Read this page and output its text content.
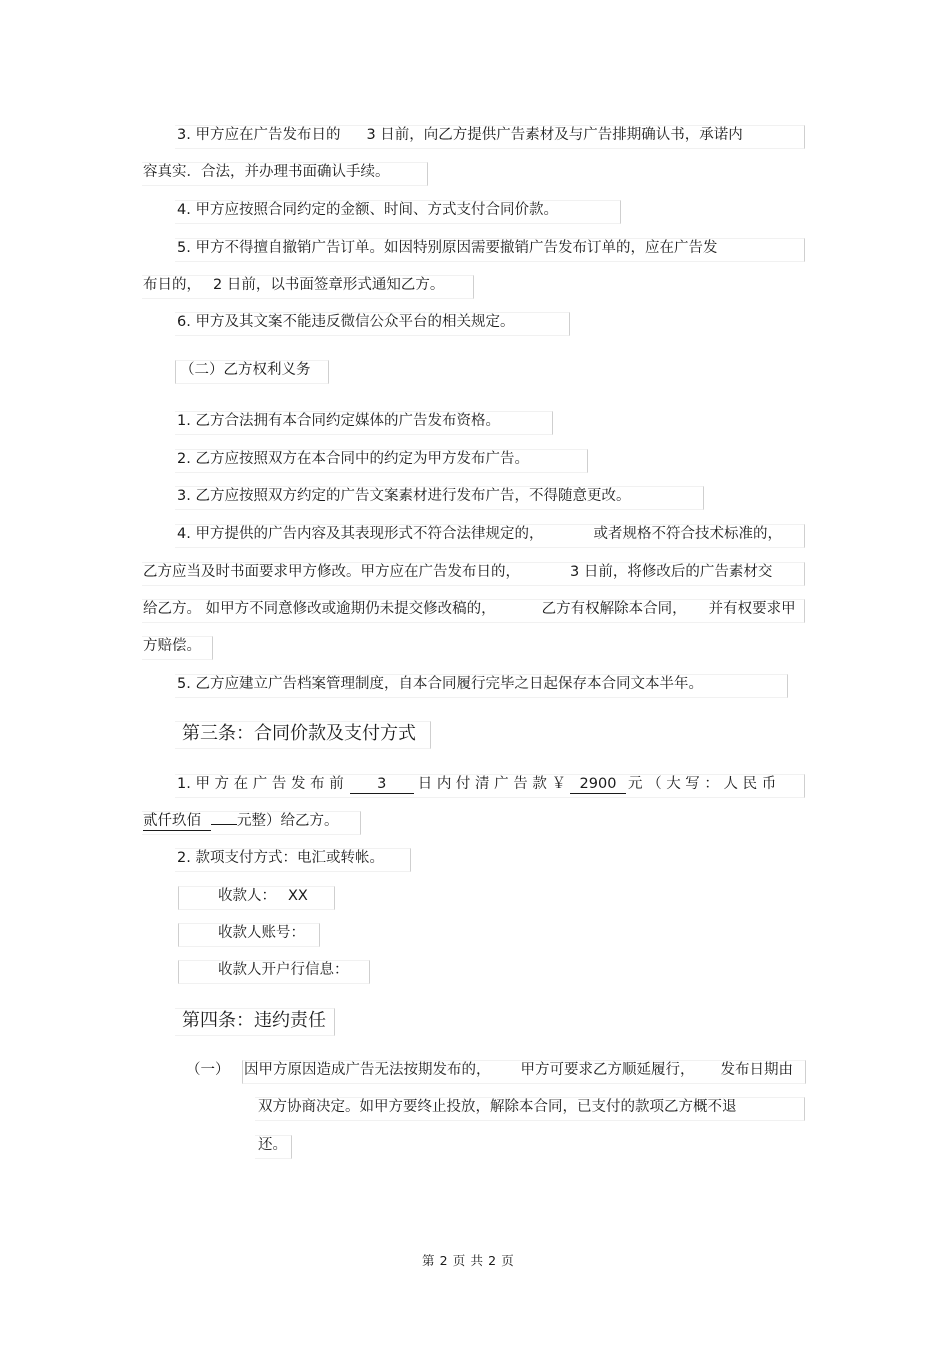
3. 甲方应在广告发布日的 3 日前，向乙方提供广告素材及与广告排期确认书，承诺内
容真实．合法，并办理书面确认手续。
4. 甲方应按照合同约定的金额、时间、方式支付合同价款。
5. 甲方不得擅自撤销广告订单。如因特别原因需要撤销广告发布订单的，应在广告发
布日的， 2 日前，以书面签章形式通知乙方。
6. 甲方及其文案不能违反微信公众平台的相关规定。
（二）乙方权利义务
1. 乙方合法拥有本合同约定媒体的广告发布资格。
2. 乙方应按照双方在本合同中的约定为甲方发布广告。
3. 乙方应按照双方约定的广告文案素材进行发布广告，不得随意更改。
4. 甲方提供的广告内容及其表现形式不符合法律规定的，	或者规格不符合技术标准的，
乙方应当及时书面要求甲方修改。甲方应在广告发布日的，	3 日前，将修改后的广告素材交
给乙方。 如甲方不同意修改或逾期仍未提交修改稿的，	乙方有权解除本合同， 并有权要求甲
方赔偿。
5. 乙方应建立广告档案管理制度，自本合同履行完毕之日起保存本合同文本半年。
第三条：合同价款及支付方式
1. 甲 方 在 广 告 发 布 前 3 日 内 付 清 广 告 款 ￥ 2900 元 （ 大 写 ： 人 民 币
贰仟玖佰 元整）给乙方。
2. 款项支付方式：电汇或转帐。
收款人： XX
收款人账号：
收款人开户行信息：
第四条：违约责任
（一） 因甲方原因造成广告无法按期发布的， 甲方可要求乙方顺延履行， 发布日期由
双方协商决定。如甲方要终止投放，解除本合同，已支付的款项乙方概不退
还。
第 2 页 共 2 页
